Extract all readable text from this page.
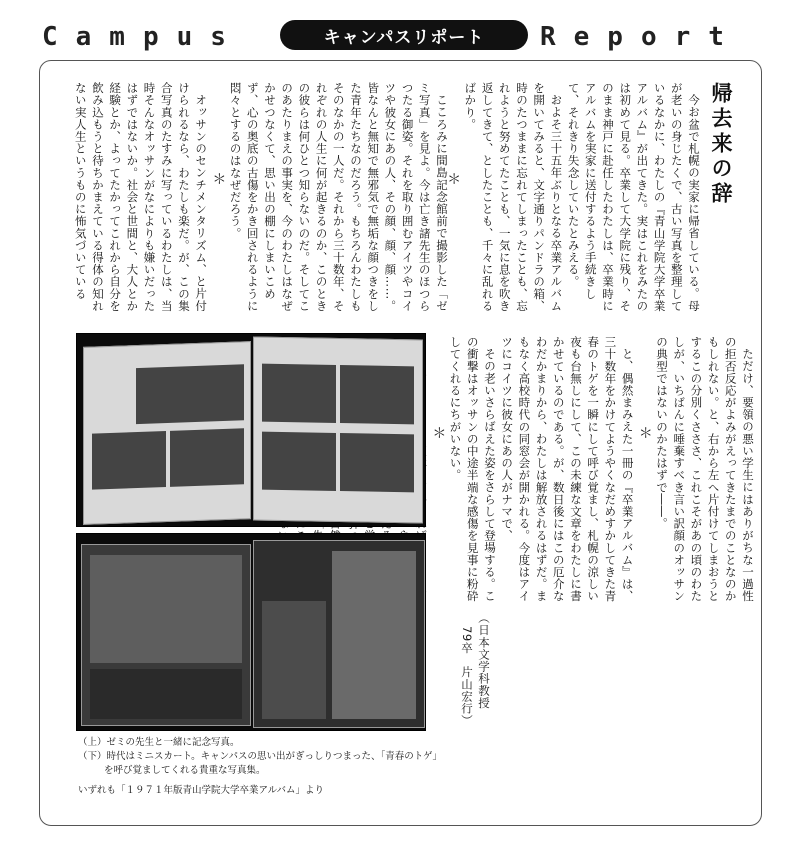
Campus	キャンパスリポート	Report
帰去来の辞

今お盆で札幌の実家に帰省している。母が老いの身じたくで、古い写真を整理しているなかに、わたしの『青山学院大学卒業アルバム』が出てきた。実はこれをみたのは初めて見る。卒業して大学院に残り、そのまま神戸に赴任したわたしは、卒業時にアルバムを実家に送付するよう手続きして、それきり失念していたとみえる。

およそ三十五年ぶりとなる卒業アルバムを開いてみると、文字通りパンドラの箱、時のたつままに忘れてしまったことも、忘れようと努めてたことも、一気に息を吹き返してきて、としたことも、千々に乱れるばかり。

＊

こころみに間島記念館前で撮影した「ゼミ写真」を見よ。今は亡き諸先生のほつらつたる御姿。それを取り囲むアイツやコイツや彼女にあの人、その顔、顔、顔……。皆なんと無知で無邪気で無垢な顔つきをした青年たちなのだろう。もちろんわたしもそのなかの一人だ。それから三十数年、それぞれの人生に何が起きるのか、このときの彼らは何ひとつ知らないのだ。そしてこのあたりまえの事実を、今のわたしはなぜかせつなくて、思い出の棚にしまいこめず、心の奥底の古傷をかき回されるように悶々とするのはなぜだろう。

＊

オッサンのセンチメンタリズム、と片付けられるなら、わたしも楽だ。が、この集合写真のたすみに写っているわたしは、当時そんなオッサンがなによりも嫌いだったはずではないか。社会と世間と、大人とか経験とか、よってたかってこれから自分を飲み込もうと待ちかまえている得体の知れない実人生というものに怖気づいている

ただけ、要領の悪い学生にはありがちな一過性の拒否反応がよみがえってきたまでのことなのかもしれない。と、右から左へ片付けてしまおうとするこの分別くさささ、これこそがあの頃のわたしが、いちばんに唾棄すべき言い訳顔のオッサンの典型ではないのかたはずで――。

＊

と、偶然まみえた一冊の『卒業アルバム』は、三十数年をかけてようやくなだめすかしてきた青春のトゲを一瞬にして呼び覚まし、札幌の涼しい夜も台無しにして、この未練な文章をわたしに書かせているのである。が、数日後にはこの厄介なわだかまりから、わたしは解放されるはずだ。まもなく高校時代の同窓会が開かれる。今度はアイツにコイツに彼女にあの人がナマで、

その老いさらばえた姿をさらして登場する。この衝撃はオッサンの中途半端な感傷を見事に粉砕してくれるにちがいない。

＊

（日本文学科教授
79卒　片山宏行）
（上）ゼミの先生と一緒に記念写真。
（下）時代はミニスカート。キャンパスの思い出がぎっしりつまった、「青春のトゲ」
を呼び覚ましてくれる貴重な写真集。
いずれも「１９７１年版青山学院大学卒業アルバム」より
